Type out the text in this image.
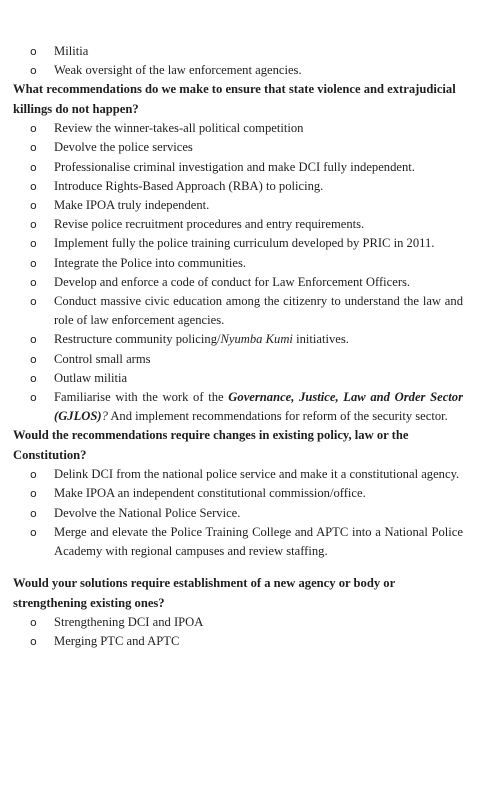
o Militia
o Weak oversight of the law enforcement agencies.

What recommendations do we make to ensure that state violence and extrajudicial killings do not happen?

o Review the winner-takes-all political competition
o Devolve the police services
o Professionalise criminal investigation and make DCI fully independent.
o Introduce Rights-Based Approach (RBA) to policing.
o Make IPOA truly independent.
o Revise police recruitment procedures and entry requirements.
o Implement fully the police training curriculum developed by PRIC in 2011.
o Integrate the Police into communities.
o Develop and enforce a code of conduct for Law Enforcement Officers.
o Conduct massive civic education among the citizenry to understand the law and role of law enforcement agencies.
o Restructure community policing/Nyumba Kumi initiatives.
o Control small arms
o Outlaw militia
o Familiarise with the work of the Governance, Justice, Law and Order Sector (GJLOS)? And implement recommendations for reform of the security sector.

Would the recommendations require changes in existing policy, law or the Constitution?

o Delink DCI from the national police service and make it a constitutional agency.
o Make IPOA an independent constitutional commission/office.
o Devolve the National Police Service.
o Merge and elevate the Police Training College and APTC into a National Police Academy with regional campuses and review staffing.

Would your solutions require establishment of a new agency or body or strengthening existing ones?

o Strengthening DCI and IPOA
o Merging PTC and APTC
